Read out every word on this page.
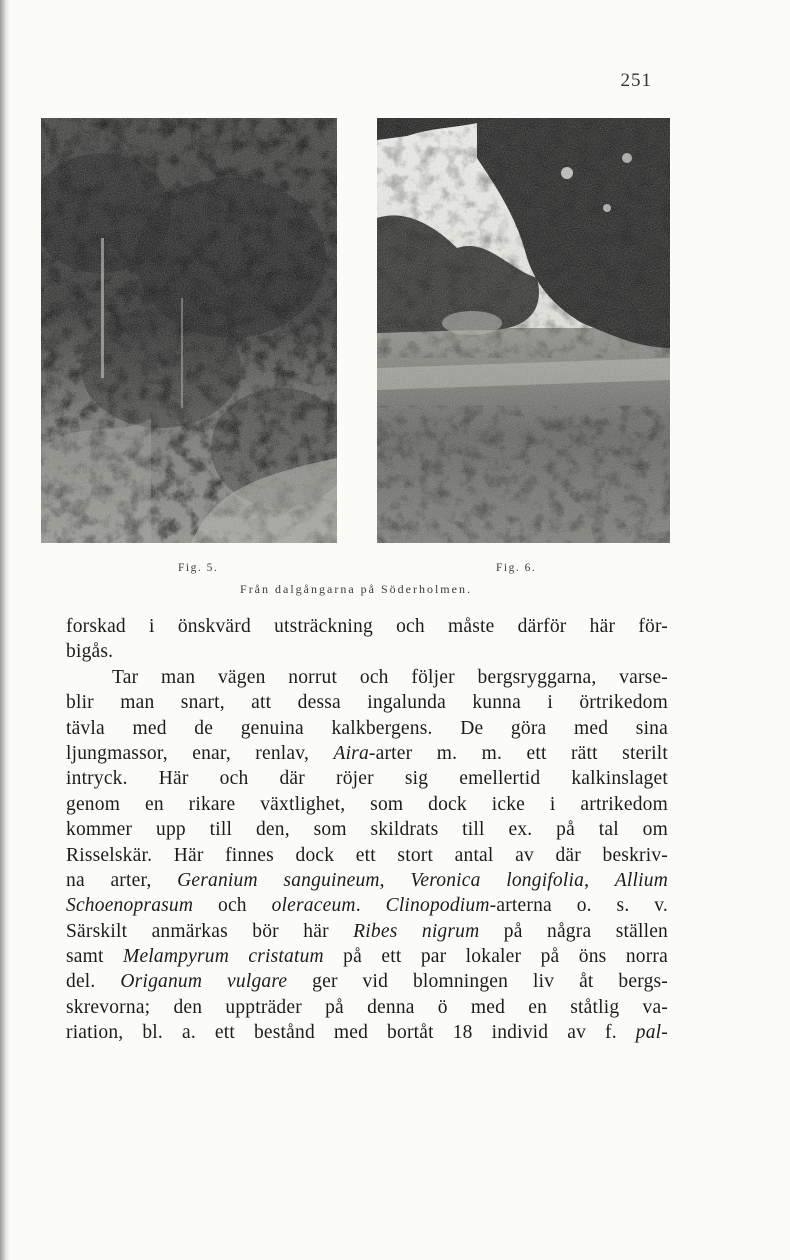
251
Fig. 5.	Fig. 6.
Från dalgångarna på Söderholmen.
forskad i önskvärd utsträckning och måste därför här för-
bigås.
Tar man vägen norrut och följer bergsryggarna, varse-
blir man snart, att dessa ingalunda kunna i örtrikedom
tävla med de genuina kalkbergens. De göra med sina
ljungmassor, enar, renlav, Aira-arter m. m. ett rätt sterilt
intryck. Här och där röjer sig emellertid kalkinslaget
genom en rikare växtlighet, som dock icke i artrikedom
kommer upp till den, som skildrats till ex. på tal om
Risselskär. Här finnes dock ett stort antal av där beskriv-
na arter, Geranium sanguineum, Veronica longifolia, Allium
Schoenoprasum och oleraceum. Clinopodium-arterna o. s. v.
Särskilt anmärkas bör här Ribes nigrum på några ställen
samt Melampyrum cristatum på ett par lokaler på öns norra
del. Origanum vulgare ger vid blomningen liv åt bergs-
skrevorna; den uppträder på denna ö med en ståtlig va-
riation, bl. a. ett bestånd med bortåt 18 individ av f. pal-
